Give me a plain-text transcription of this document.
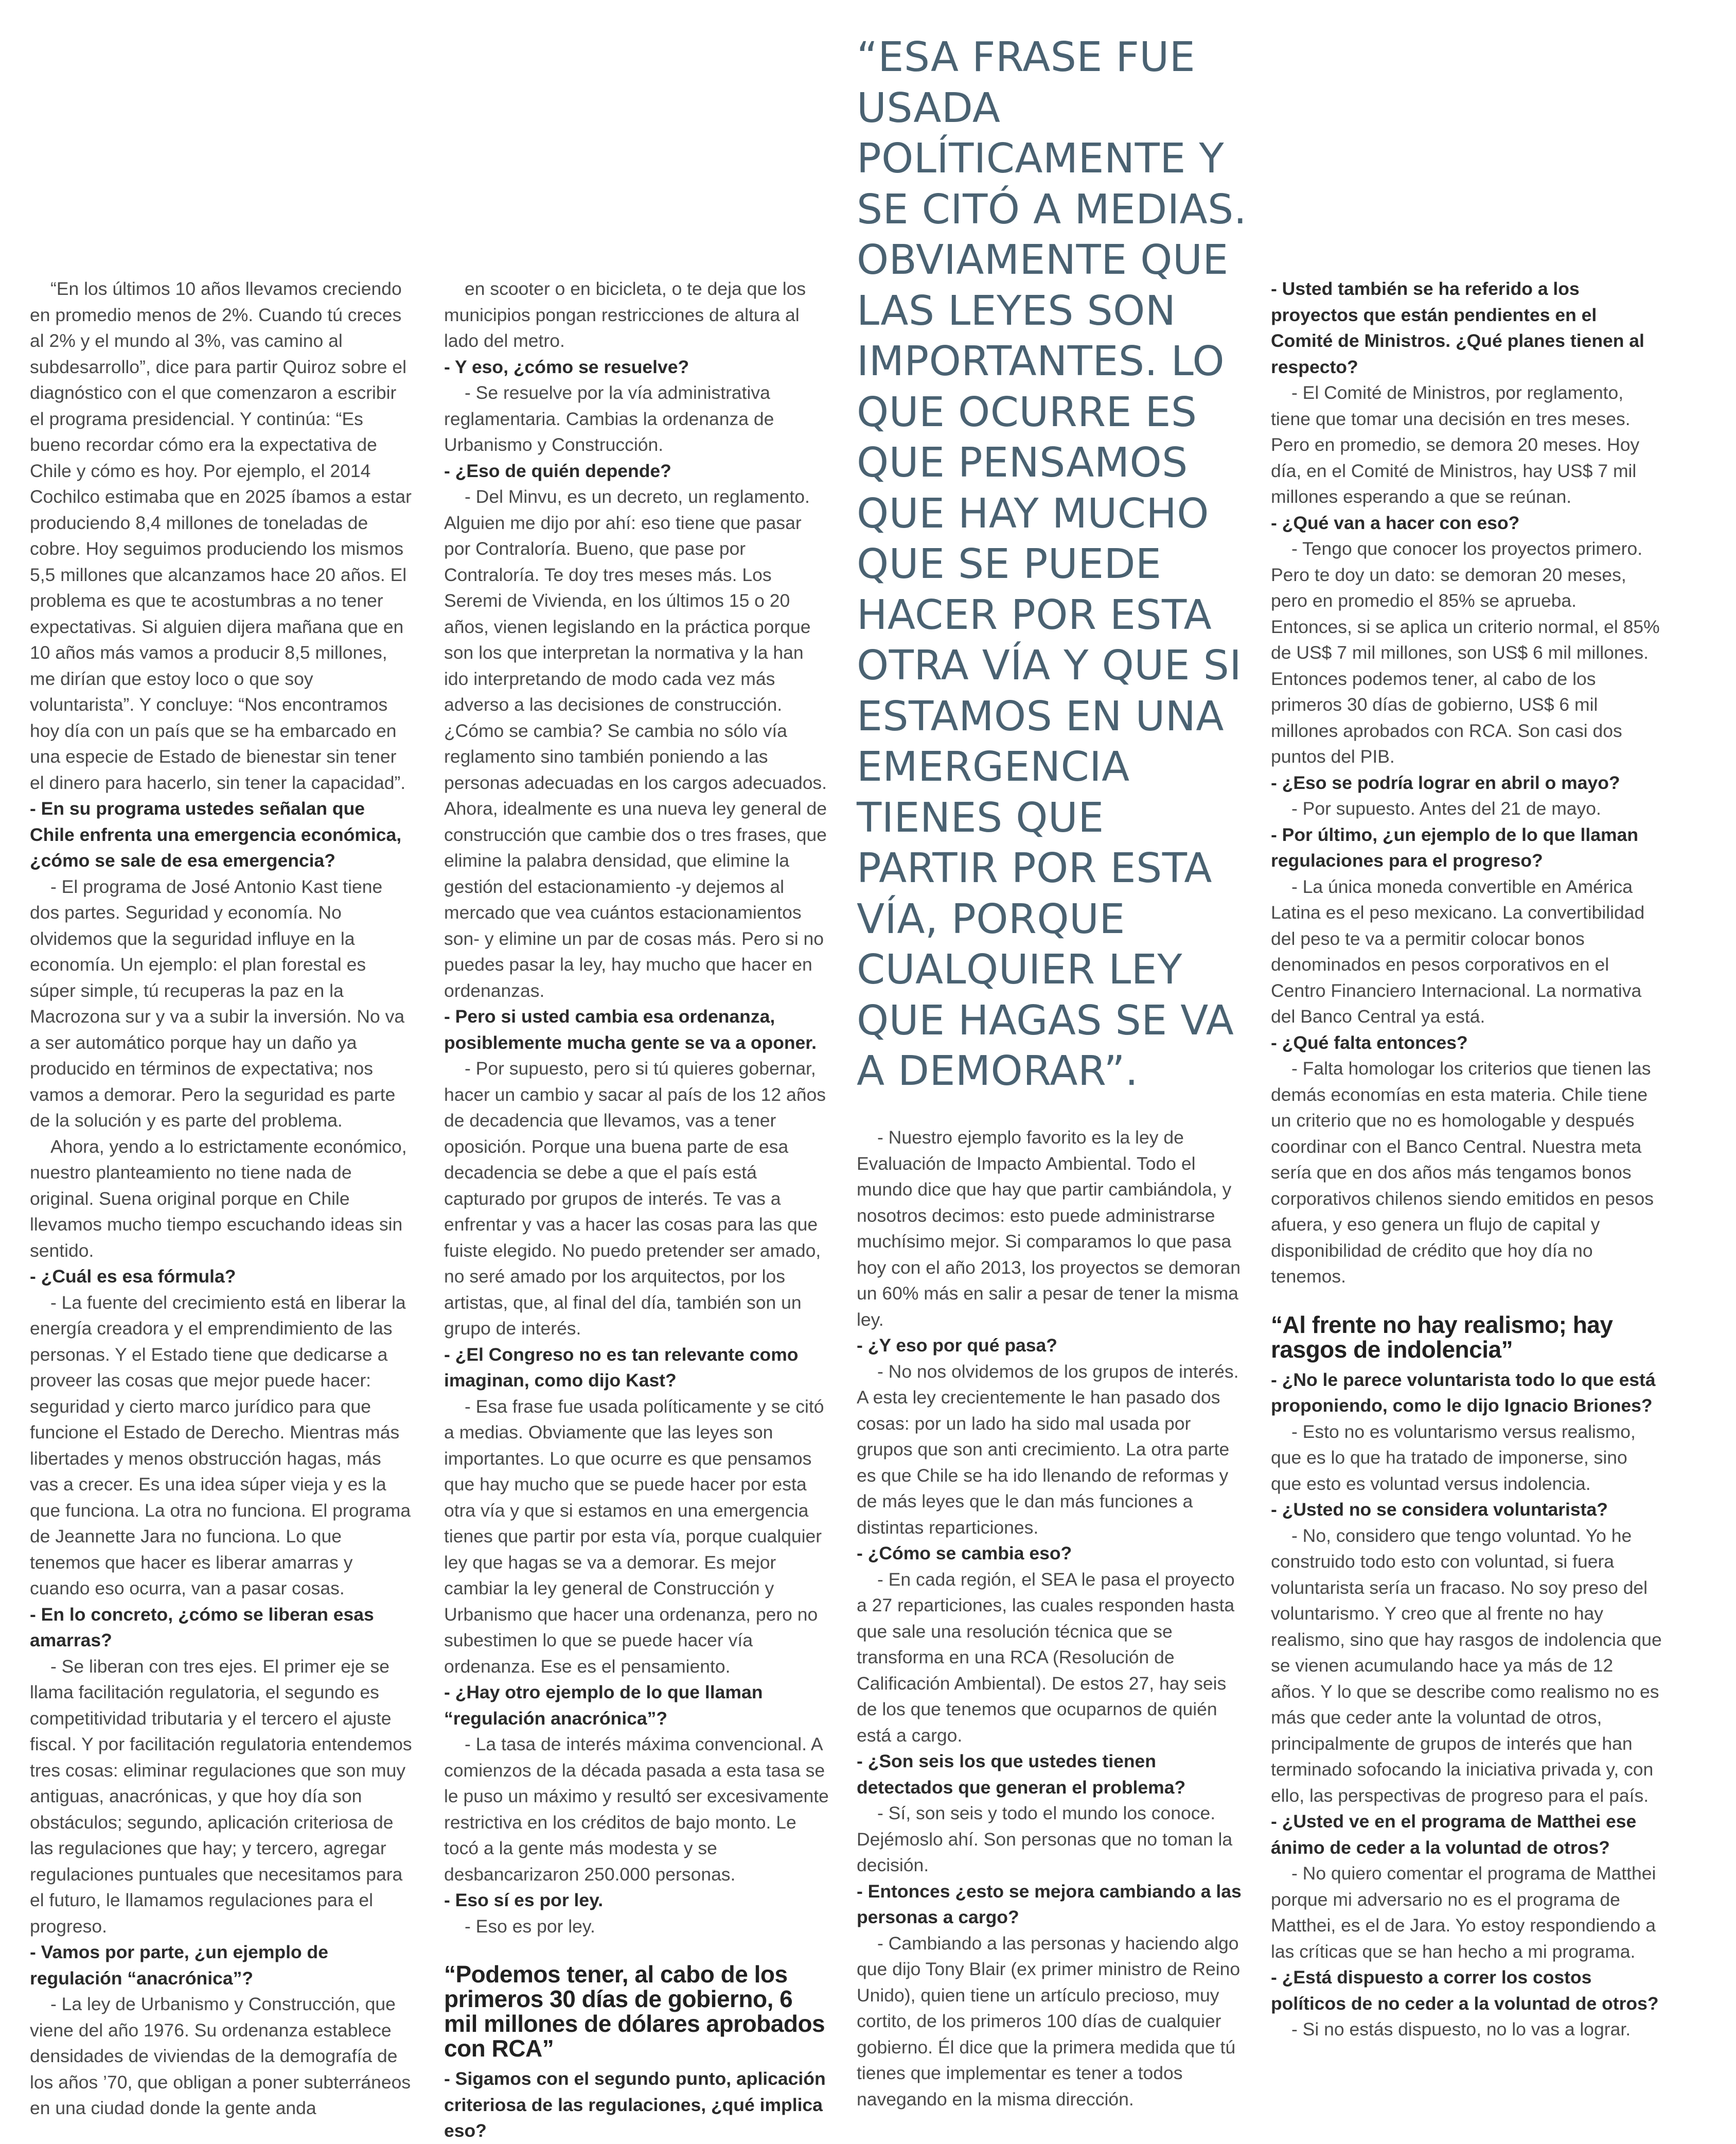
“En los últimos 10 años llevamos creciendo en promedio menos de 2%. Cuando tú creces al 2% y el mundo al 3%, vas camino al subdesarrollo”, dice para partir Quiroz sobre el diagnóstico con el que comenzaron a escribir el programa presidencial. Y continúa: “Es bueno recordar cómo era la expectativa de Chile y cómo es hoy. Por ejemplo, el 2014 Cochilco estimaba que en 2025 íbamos a estar produciendo 8,4 millones de toneladas de cobre. Hoy seguimos produciendo los mismos 5,5 millones que alcanzamos hace 20 años. El problema es que te acostumbras a no tener expectativas. Si alguien dijera mañana que en 10 años más vamos a producir 8,5 millones, me dirían que estoy loco o que soy voluntarista”. Y concluye: “Nos encontramos hoy día con un país que se ha embarcado en una especie de Estado de bienestar sin tener el dinero para hacerlo, sin tener la capacidad”.

- En su programa ustedes señalan que Chile enfrenta una emergencia económica, ¿cómo se sale de esa emergencia?

- El programa de José Antonio Kast tiene dos partes. Seguridad y economía. No olvidemos que la seguridad influye en la economía. Un ejemplo: el plan forestal es súper simple, tú recuperas la paz en la Macrozona sur y va a subir la inversión. No va a ser automático porque hay un daño ya producido en términos de expectativa; nos vamos a demorar. Pero la seguridad es parte de la solución y es parte del problema.

Ahora, yendo a lo estrictamente económico, nuestro planteamiento no tiene nada de original. Suena original porque en Chile llevamos mucho tiempo escuchando ideas sin sentido.

- ¿Cuál es esa fórmula?

- La fuente del crecimiento está en liberar la energía creadora y el emprendimiento de las personas. Y el Estado tiene que dedicarse a proveer las cosas que mejor puede hacer: seguridad y cierto marco jurídico para que funcione el Estado de Derecho. Mientras más libertades y menos obstrucción hagas, más vas a crecer. Es una idea súper vieja y es la que funciona. La otra no funciona. El programa de Jeannette Jara no funciona. Lo que tenemos que hacer es liberar amarras y cuando eso ocurra, van a pasar cosas.

- En lo concreto, ¿cómo se liberan esas amarras?

- Se liberan con tres ejes. El primer eje se llama facilitación regulatoria, el segundo es competitividad tributaria y el tercero el ajuste fiscal. Y por facilitación regulatoria entendemos tres cosas: eliminar regulaciones que son muy antiguas, anacrónicas, y que hoy día son obstáculos; segundo, aplicación criteriosa de las regulaciones que hay; y tercero, agregar regulaciones puntuales que necesitamos para el futuro, le llamamos regulaciones para el progreso.

- Vamos por parte, ¿un ejemplo de regulación “anacrónica”?

- La ley de Urbanismo y Construcción, que viene del año 1976. Su ordenanza establece densidades de viviendas de la demografía de los años ’70, que obligan a poner subterráneos en una ciudad donde la gente anda

en scooter o en bicicleta, o te deja que los municipios pongan restricciones de altura al lado del metro.

- Y eso, ¿cómo se resuelve?

- Se resuelve por la vía administrativa reglamentaria. Cambias la ordenanza de Urbanismo y Construcción.

- ¿Eso de quién depende?

- Del Minvu, es un decreto, un reglamento. Alguien me dijo por ahí: eso tiene que pasar por Contraloría. Bueno, que pase por Contraloría. Te doy tres meses más. Los Seremi de Vivienda, en los últimos 15 o 20 años, vienen legislando en la práctica porque son los que interpretan la normativa y la han ido interpretando de modo cada vez más adverso a las decisiones de construcción. ¿Cómo se cambia? Se cambia no sólo vía reglamento sino también poniendo a las personas adecuadas en los cargos adecuados. Ahora, idealmente es una nueva ley general de construcción que cambie dos o tres frases, que elimine la palabra densidad, que elimine la gestión del estacionamiento -y dejemos al mercado que vea cuántos estacionamientos son- y elimine un par de cosas más. Pero si no puedes pasar la ley, hay mucho que hacer en ordenanzas.

- Pero si usted cambia esa ordenanza, posiblemente mucha gente se va a oponer.

- Por supuesto, pero si tú quieres gobernar, hacer un cambio y sacar al país de los 12 años de decadencia que llevamos, vas a tener oposición. Porque una buena parte de esa decadencia se debe a que el país está capturado por grupos de interés. Te vas a enfrentar y vas a hacer las cosas para las que fuiste elegido. No puedo pretender ser amado, no seré amado por los arquitectos, por los artistas, que, al final del día, también son un grupo de interés.

- ¿El Congreso no es tan relevante como imaginan, como dijo Kast?

- Esa frase fue usada políticamente y se citó a medias. Obviamente que las leyes son importantes. Lo que ocurre es que pensamos que hay mucho que se puede hacer por esta otra vía y que si estamos en una emergencia tienes que partir por esta vía, porque cualquier ley que hagas se va a demorar. Es mejor cambiar la ley general de Construcción y Urbanismo que hacer una ordenanza, pero no subestimen lo que se puede hacer vía ordenanza. Ese es el pensamiento.

- ¿Hay otro ejemplo de lo que llaman “regulación anacrónica”?

- La tasa de interés máxima convencional. A comienzos de la década pasada a esta tasa se le puso un máximo y resultó ser excesivamente restrictiva en los créditos de bajo monto. Le tocó a la gente más modesta y se desbancarizaron 250.000 personas.

- Eso sí es por ley.

- Eso es por ley.

“Podemos tener, al cabo de los primeros 30 días de gobierno, 6 mil millones de dólares aprobados con RCA”

- Sigamos con el segundo punto, aplicación criteriosa de las regulaciones, ¿qué implica eso?

“ESA FRASE FUE USADA POLÍTICAMENTE Y SE CITÓ A MEDIAS. OBVIAMENTE QUE LAS LEYES SON IMPORTANTES. LO QUE OCURRE ES QUE PENSAMOS QUE HAY MUCHO QUE SE PUEDE HACER POR ESTA OTRA VÍA Y QUE SI ESTAMOS EN UNA EMERGENCIA TIENES QUE PARTIR POR ESTA VÍA, PORQUE CUALQUIER LEY QUE HAGAS SE VA A DEMORAR”.

- Nuestro ejemplo favorito es la ley de Evaluación de Impacto Ambiental. Todo el mundo dice que hay que partir cambiándola, y nosotros decimos: esto puede administrarse muchísimo mejor. Si comparamos lo que pasa hoy con el año 2013, los proyectos se demoran un 60% más en salir a pesar de tener la misma ley.

- ¿Y eso por qué pasa?

- No nos olvidemos de los grupos de interés. A esta ley crecientemente le han pasado dos cosas: por un lado ha sido mal usada por grupos que son anti crecimiento. La otra parte es que Chile se ha ido llenando de reformas y de más leyes que le dan más funciones a distintas reparticiones.

- ¿Cómo se cambia eso?

- En cada región, el SEA le pasa el proyecto a 27 reparticiones, las cuales responden hasta que sale una resolución técnica que se transforma en una RCA (Resolución de Calificación Ambiental). De estos 27, hay seis de los que tenemos que ocuparnos de quién está a cargo.

- ¿Son seis los que ustedes tienen detectados que generan el problema?

- Sí, son seis y todo el mundo los conoce. Dejémoslo ahí. Son personas que no toman la decisión.

- Entonces ¿esto se mejora cambiando a las personas a cargo?

- Cambiando a las personas y haciendo algo que dijo Tony Blair (ex primer ministro de Reino Unido), quien tiene un artículo precioso, muy cortito, de los primeros 100 días de cualquier gobierno. Él dice que la primera medida que tú tienes que implementar es tener a todos navegando en la misma dirección.

- Usted también se ha referido a los proyectos que están pendientes en el Comité de Ministros. ¿Qué planes tienen al respecto?

- El Comité de Ministros, por reglamento, tiene que tomar una decisión en tres meses. Pero en promedio, se demora 20 meses. Hoy día, en el Comité de Ministros, hay US$ 7 mil millones esperando a que se reúnan.

- ¿Qué van a hacer con eso?

- Tengo que conocer los proyectos primero. Pero te doy un dato: se demoran 20 meses, pero en promedio el 85% se aprueba. Entonces, si se aplica un criterio normal, el 85% de US$ 7 mil millones, son US$ 6 mil millones. Entonces podemos tener, al cabo de los primeros 30 días de gobierno, US$ 6 mil millones aprobados con RCA. Son casi dos puntos del PIB.

- ¿Eso se podría lograr en abril o mayo?

- Por supuesto. Antes del 21 de mayo.

- Por último, ¿un ejemplo de lo que llaman regulaciones para el progreso?

- La única moneda convertible en América Latina es el peso mexicano. La convertibilidad del peso te va a permitir colocar bonos denominados en pesos corporativos en el Centro Financiero Internacional. La normativa del Banco Central ya está.

- ¿Qué falta entonces?

- Falta homologar los criterios que tienen las demás economías en esta materia. Chile tiene un criterio que no es homologable y después coordinar con el Banco Central. Nuestra meta sería que en dos años más tengamos bonos corporativos chilenos siendo emitidos en pesos afuera, y eso genera un flujo de capital y disponibilidad de crédito que hoy día no tenemos.

“Al frente no hay realismo; hay rasgos de indolencia”

- ¿No le parece voluntarista todo lo que está proponiendo, como le dijo Ignacio Briones?

- Esto no es voluntarismo versus realismo, que es lo que ha tratado de imponerse, sino que esto es voluntad versus indolencia.

- ¿Usted no se considera voluntarista?

- No, considero que tengo voluntad. Yo he construido todo esto con voluntad, si fuera voluntarista sería un fracaso. No soy preso del voluntarismo. Y creo que al frente no hay realismo, sino que hay rasgos de indolencia que se vienen acumulando hace ya más de 12 años. Y lo que se describe como realismo no es más que ceder ante la voluntad de otros, principalmente de grupos de interés que han terminado sofocando la iniciativa privada y, con ello, las perspectivas de progreso para el país.

- ¿Usted ve en el programa de Matthei ese ánimo de ceder a la voluntad de otros?

- No quiero comentar el programa de Matthei porque mi adversario no es el programa de Matthei, es el de Jara. Yo estoy respondiendo a las críticas que se han hecho a mi programa.

- ¿Está dispuesto a correr los costos políticos de no ceder a la voluntad de otros?

- Si no estás dispuesto, no lo vas a lograr.
